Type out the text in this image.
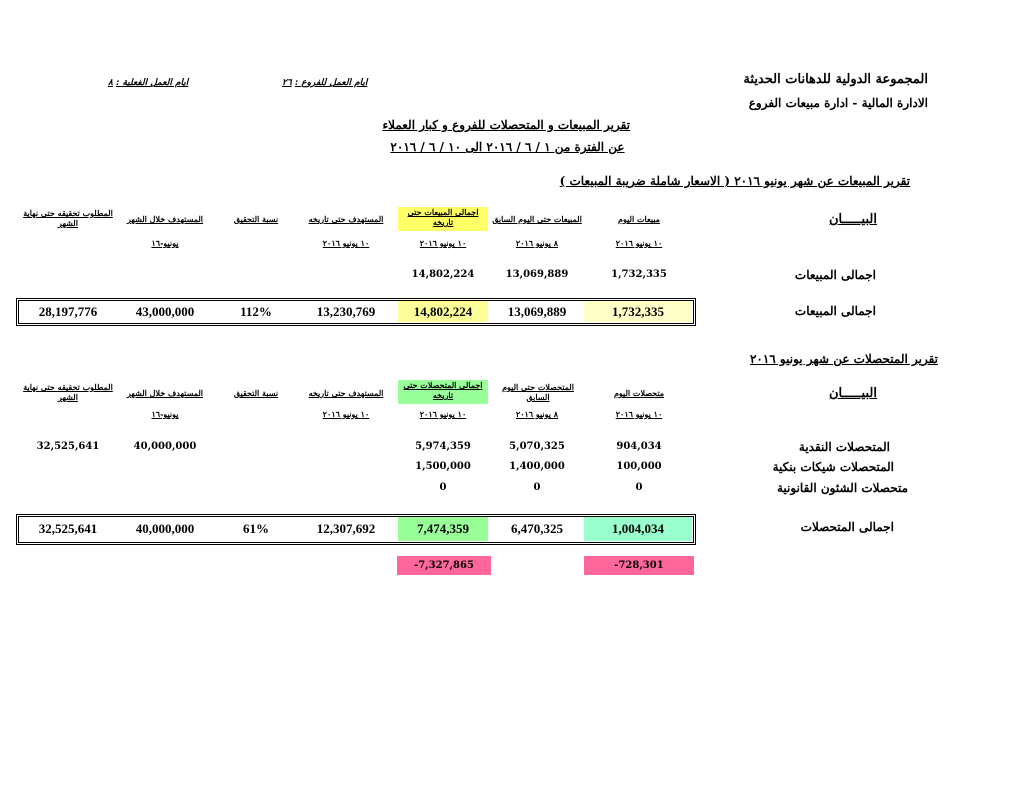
المجموعة الدولية للدهانات الحديثة
الادارة المالية - ادارة مبيعات الفروع
ايام العمل للفروع : ٢٦
ايام العمل الفعلية : ٨
تقرير المبيعات و المتحصلات للفروع و كبار العملاء
عن الفترة من ١ / ٦ / ٢٠١٦ الى ١٠ / ٦ / ٢٠١٦
تقرير المبيعات عن شهر يونيو ٢٠١٦ ( الاسعار شاملة ضريبة المبيعات )
البيـــــان
مبيعات اليوم
المبيعات حتى اليوم السابق
اجمالى المبيعات حتى تاريخه
المستهدف حتى تاريخه
نسبة التحقيق
المستهدف خلال الشهر
المطلوب تحقيقه حتى نهاية الشهر
١٠ يونيو ٢٠١٦
٨ يونيو ٢٠١٦
١٠ يونيو ٢٠١٦
١٠ يونيو ٢٠١٦
يونيو-١٦
اجمالى المبيعات
1,732,335
13,069,889
14,802,224
اجمالى المبيعات
1,732,335
13,069,889
14,802,224
13,230,769
112%
43,000,000
28,197,776
تقرير المتحصلات عن شهر يونيو ٢٠١٦
البيـــــان
متحصلات اليوم
المتحصلات حتى اليوم السابق
اجمالى المتحصلات حتى تاريخه
المستهدف حتى تاريخه
نسبة التحقيق
المستهدف خلال الشهر
المطلوب تحقيقه حتى نهاية الشهر
١٠ يونيو ٢٠١٦
٨ يونيو ٢٠١٦
١٠ يونيو ٢٠١٦
١٠ يونيو ٢٠١٦
يونيو-١٦
المتحصلات النقدية
904,034
5,070,325
5,974,359
40,000,000
32,525,641
المتحصلات شيكات بنكية
100,000
1,400,000
1,500,000
متحصلات الشئون القانونية
0
0
0
اجمالى المتحصلات
1,004,034
6,470,325
7,474,359
12,307,692
61%
40,000,000
32,525,641
-728,301
-7,327,865
